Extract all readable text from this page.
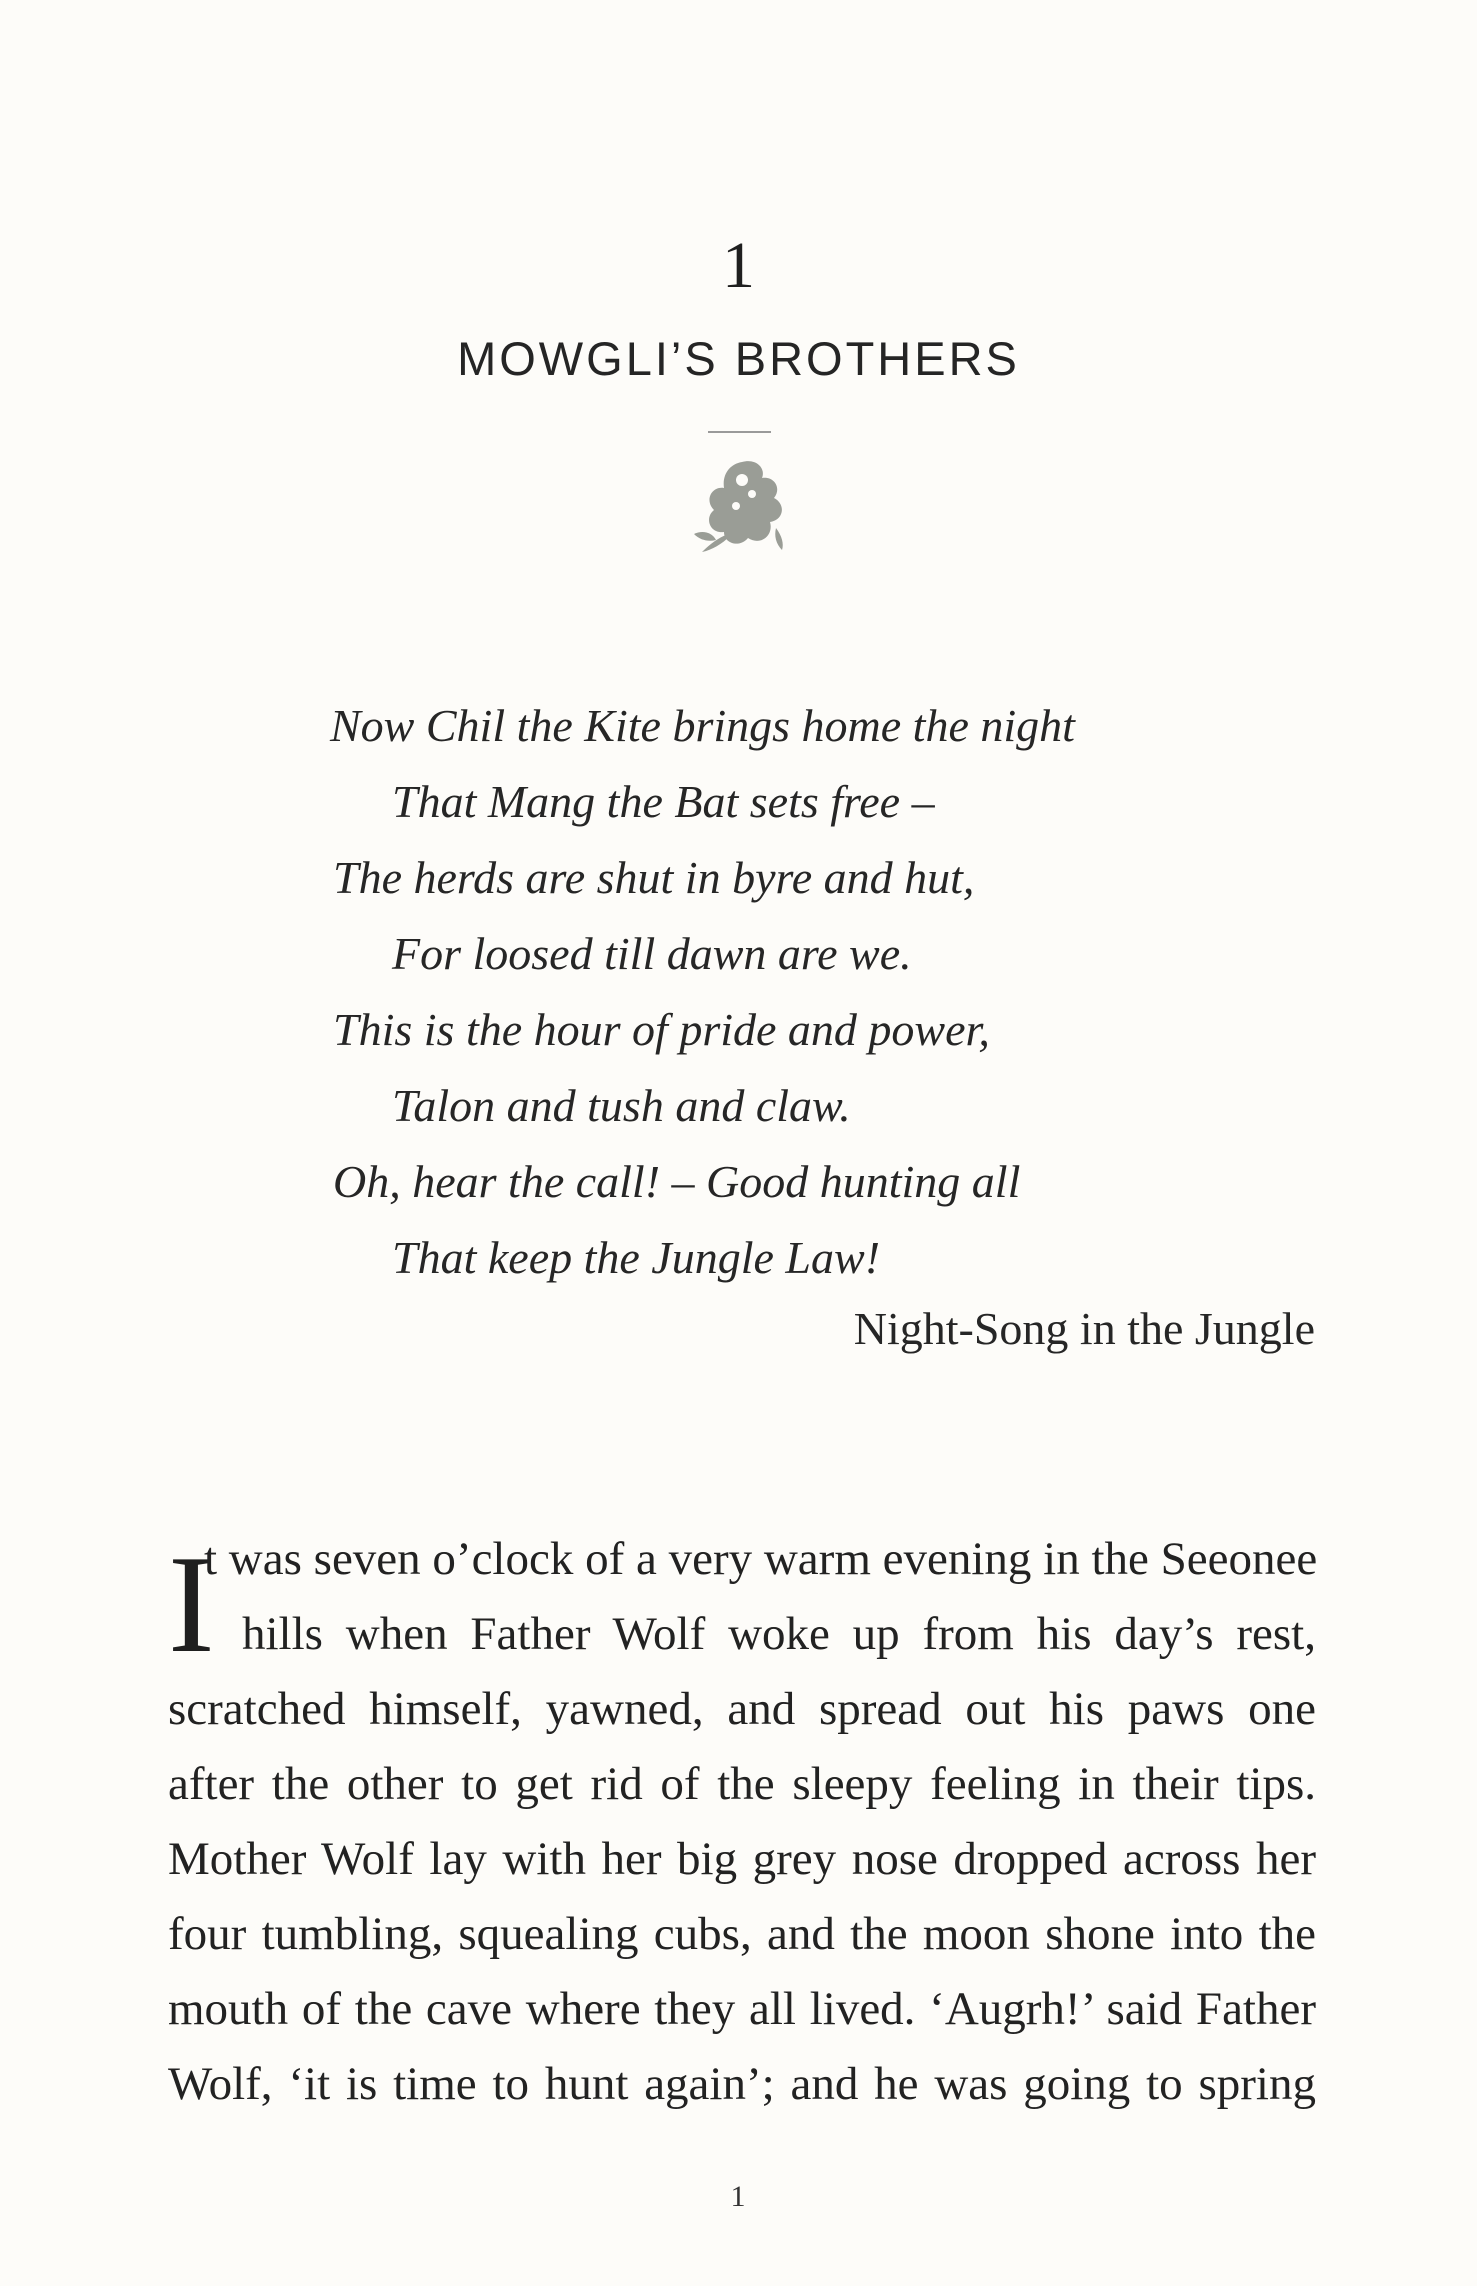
1
MOWGLI’S BROTHERS
Now Chil the Kite brings home the night
That Mang the Bat sets free –
The herds are shut in byre and hut,
For loosed till dawn are we.
This is the hour of pride and power,
Talon and tush and claw.
Oh, hear the call! – Good hunting all
That keep the Jungle Law!
Night-Song in the Jungle
I
t was seven o’clock of a very warm evening in the Seeonee
hills when Father Wolf woke up from his day’s rest,
scratched himself, yawned, and spread out his paws one
after the other to get rid of the sleepy feeling in their tips.
Mother Wolf lay with her big grey nose dropped across her
four tumbling, squealing cubs, and the moon shone into the
mouth of the cave where they all lived. ‘Augrh!’ said Father
Wolf, ‘it is time to hunt again’; and he was going to spring
1
